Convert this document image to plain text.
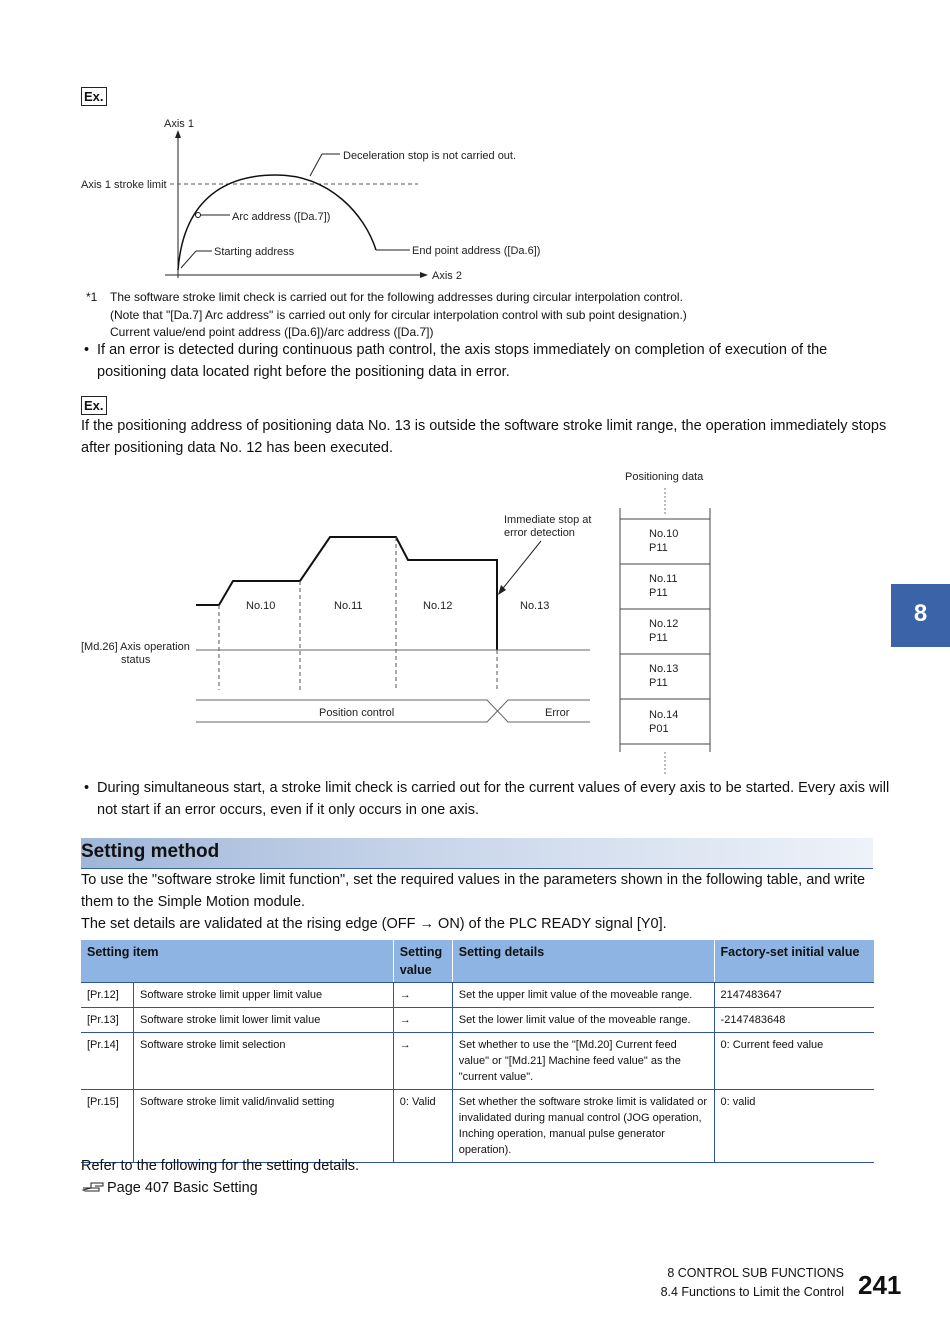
Ex.
Axis 1
Axis 2
Axis 1 stroke limit
Deceleration stop is not carried out.
Arc address ([Da.7])
Starting address	End point address ([Da.6])
*1 The software stroke limit check is carried out for the following addresses during circular interpolation control.
(Note that "[Da.7] Arc address" is carried out only for circular interpolation control with sub point designation.)
Current value/end point address ([Da.6])/arc address ([Da.7])
• If an error is detected during continuous path control, the axis stops immediately on completion of execution of the
positioning data located right before the positioning data in error.
Ex.
If the positioning address of positioning data No. 13 is outside the software stroke limit range, the operation immediately stops
after positioning data No. 12 has been executed.
No.10	No.11	No.12	No.13
Immediate stop at
error detection
[Md.26] Axis operation
status
Position control	Error
Positioning data
No.10
P11
No.11
P11
No.12
P11
No.13
P11
No.14
P01
• During simultaneous start, a stroke limit check is carried out for the current values of every axis to be started. Every axis will
not start if an error occurs, even if it only occurs in one axis.
Setting method
To use the "software stroke limit function", set the required values in the parameters shown in the following table, and write
them to the Simple Motion module.
The set details are validated at the rising edge (OFF → ON) of the PLC READY signal [Y0].
Setting item		Setting value	Setting details	Factory-set initial value
[Pr.12]	Software stroke limit upper limit value	→	Set the upper limit value of the moveable range.	2147483647
[Pr.13]	Software stroke limit lower limit value	→	Set the lower limit value of the moveable range.	-2147483648
[Pr.14]	Software stroke limit selection	→	Set whether to use the "[Md.20] Current feed value" or "[Md.21] Machine feed value" as the "current value".	0: Current feed value
[Pr.15]	Software stroke limit valid/invalid setting	0: Valid	Set whether the software stroke limit is validated or invalidated during manual control (JOG operation, Inching operation, manual pulse generator operation).	0: valid
Refer to the following for the setting details.
Page 407 Basic Setting
8
8 CONTROL SUB FUNCTIONS
8.4 Functions to Limit the Control 241
